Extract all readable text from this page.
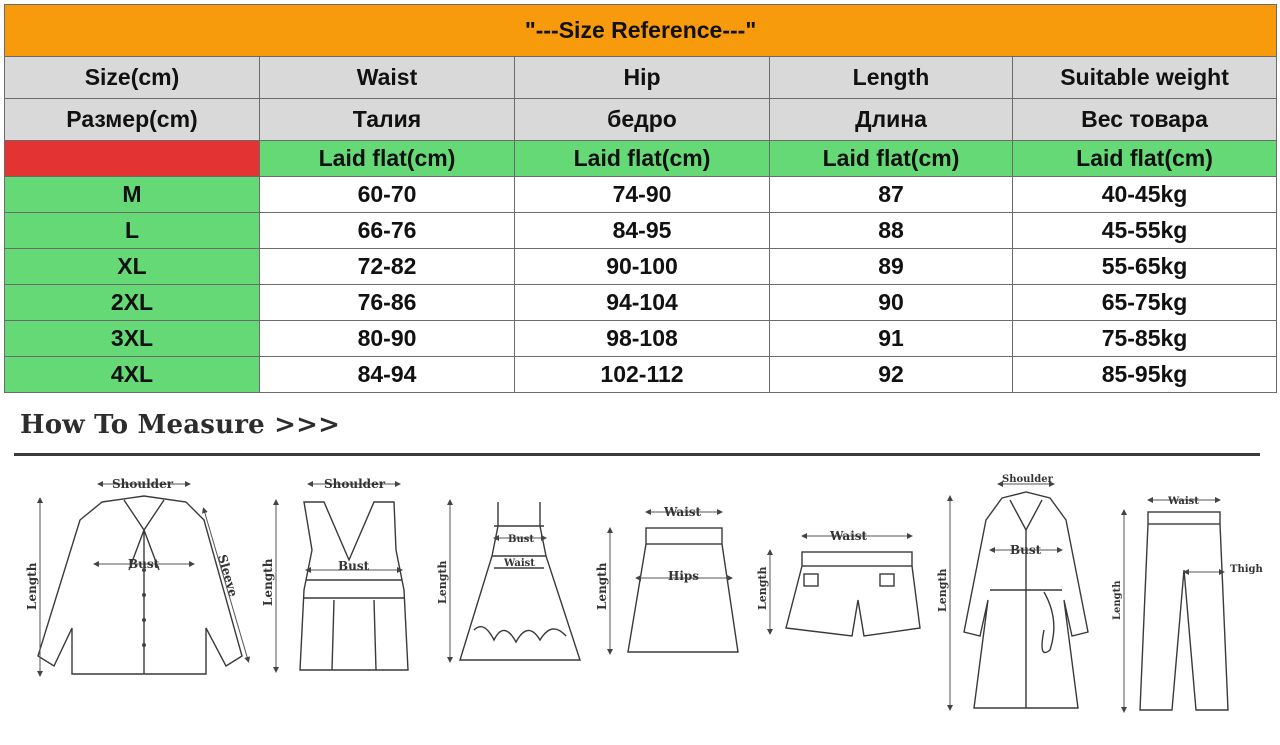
"---Size Reference---"				
Size(cm)	Waist	Hip	Length	Suitable weight
Размер(cm)	Талия	бедро	Длина	Вес товара
	Laid flat(cm)	Laid flat(cm)	Laid flat(cm)	Laid flat(cm)
M	60-70	74-90	87	40-45kg
L	66-76	84-95	88	45-55kg
XL	72-82	90-100	89	55-65kg
2XL	76-86	94-104	90	65-75kg
3XL	80-90	98-108	91	75-85kg
4XL	84-94	102-112	92	85-95kg
How To Measure >>>
Shoulder
Bust
Length	Sleeve
Shoulder
Bust
Length
Bust
Waist
Length
Waist
Hips
Length
Waist
Length
Shoulder
Bust
Length
Waist
Thigh
Length
